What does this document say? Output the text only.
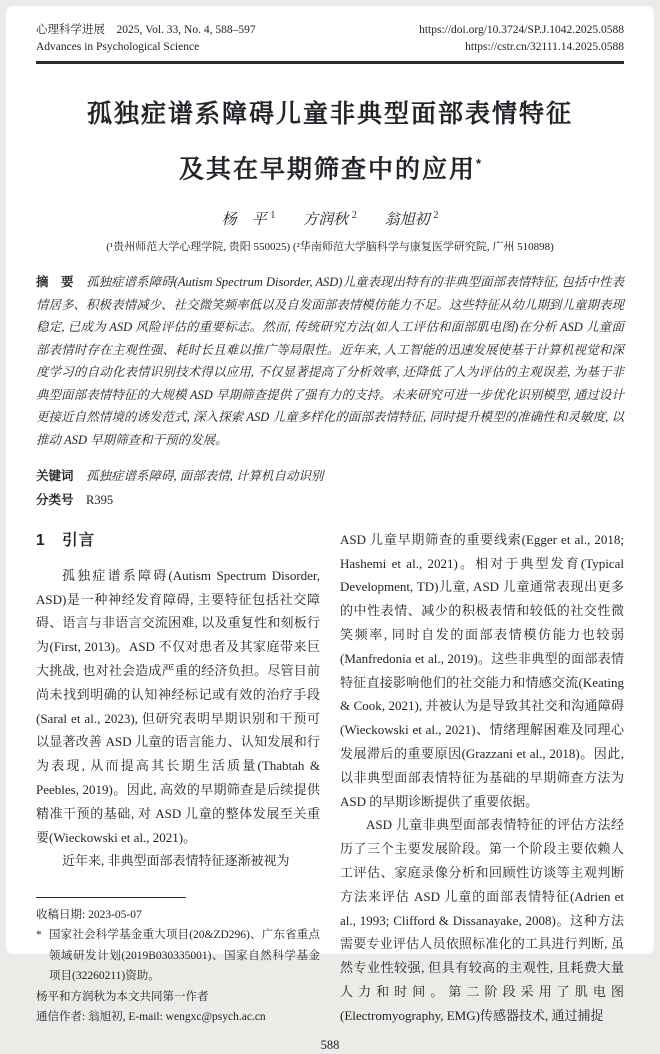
心理科学进展　2025, Vol. 33, No. 4, 588–597
Advances in Psychological Science
https://doi.org/10.3724/SP.J.1042.2025.0588
https://cstr.cn/32111.14.2025.0588
孤独症谱系障碍儿童非典型面部表情特征
及其在早期筛查中的应用*
杨　平 $^1$ 方润秋 $^2$ 翁旭初 $^2$
(¹贵州师范大学心理学院, 贵阳 550025) (²华南师范大学脑科学与康复医学研究院, 广州 510898)

摘　要　 孤独症谱系障碍(Autism Spectrum Disorder, ASD)儿童表现出特有的非典型面部表情特征, 包括中性表情居多、积极表情减少、社交微笑频率低以及自发面部表情模仿能力不足。这些特征从幼儿期到儿童期表现稳定, 已成为 ASD 风险评估的重要标志。然而, 传统研究方法(如人工评估和面部肌电图)在分析 ASD 儿童面部表情时存在主观性强、耗时长且难以推广等局限性。近年来, 人工智能的迅速发展使基于计算机视觉和深度学习的自动化表情识别技术得以应用, 不仅显著提高了分析效率, 还降低了人为评估的主观误差, 为基于非典型面部表情特征的大规模 ASD 早期筛查提供了强有力的支持。未来研究可进一步优化识别模型, 通过设计更接近自然情境的诱发范式, 深入探索 ASD 儿童多样化的面部表情特征, 同时提升模型的准确性和灵敏度, 以推动 ASD 早期筛查和干预的发展。

关键词　 孤独症谱系障碍, 面部表情, 计算机自动识别
分类号　 R395
1　引言

孤独症谱系障碍(Autism Spectrum Disorder, ASD)是一种神经发育障碍, 主要特征包括社交障碍、语言与非语言交流困难, 以及重复性和刻板行为(First, 2013)。ASD 不仅对患者及其家庭带来巨大挑战, 也对社会造成严重的经济负担。尽管目前尚未找到明确的认知神经标记或有效的治疗手段(Saral et al., 2023), 但研究表明早期识别和干预可以显著改善 ASD 儿童的语言能力、认知发展和行为表现, 从而提高其长期生活质量(Thabtah & Peebles, 2019)。因此, 高效的早期筛查是后续提供精准干预的基础, 对 ASD 儿童的整体发展至关重要(Wieckowski et al., 2021)。

近年来, 非典型面部表情特征逐渐被视为

收稿日期: 2023-05-07

* 国家社会科学基金重大项目(20&ZD296)、广东省重点领域研发计划(2019B030335001)、国家自然科学基金项目(32260211)资助。

杨平和方润秋为本文共同第一作者

通信作者: 翁旭初, E-mail: wengxc@psych.ac.cn

ASD 儿童早期筛查的重要线索(Egger et al., 2018; Hashemi et al., 2021)。相对于典型发育(Typical Development, TD)儿童, ASD 儿童通常表现出更多的中性表情、减少的积极表情和较低的社交性微笑频率, 同时自发的面部表情模仿能力也较弱(Manfredonia et al., 2019)。这些非典型的面部表情特征直接影响他们的社交能力和情感交流(Keating & Cook, 2021), 并被认为是导致其社交和沟通障碍(Wieckowski et al., 2021)、情绪理解困难及同理心发展滞后的重要原因(Grazzani et al., 2018)。因此, 以非典型面部表情特征为基础的早期筛查方法为 ASD 的早期诊断提供了重要依据。

ASD 儿童非典型面部表情特征的评估方法经历了三个主要发展阶段。第一个阶段主要依赖人工评估、家庭录像分析和回顾性访谈等主观判断方法来评估 ASD 儿童的面部表情特征(Adrien et al., 1993; Clifford & Dissanayake, 2008)。这种方法需要专业评估人员依照标准化的工具进行判断, 虽然专业性较强, 但具有较高的主观性, 且耗费大量人力和时间。第二阶段采用了肌电图(Electromyography, EMG)传感器技术, 通过捕捉

588
